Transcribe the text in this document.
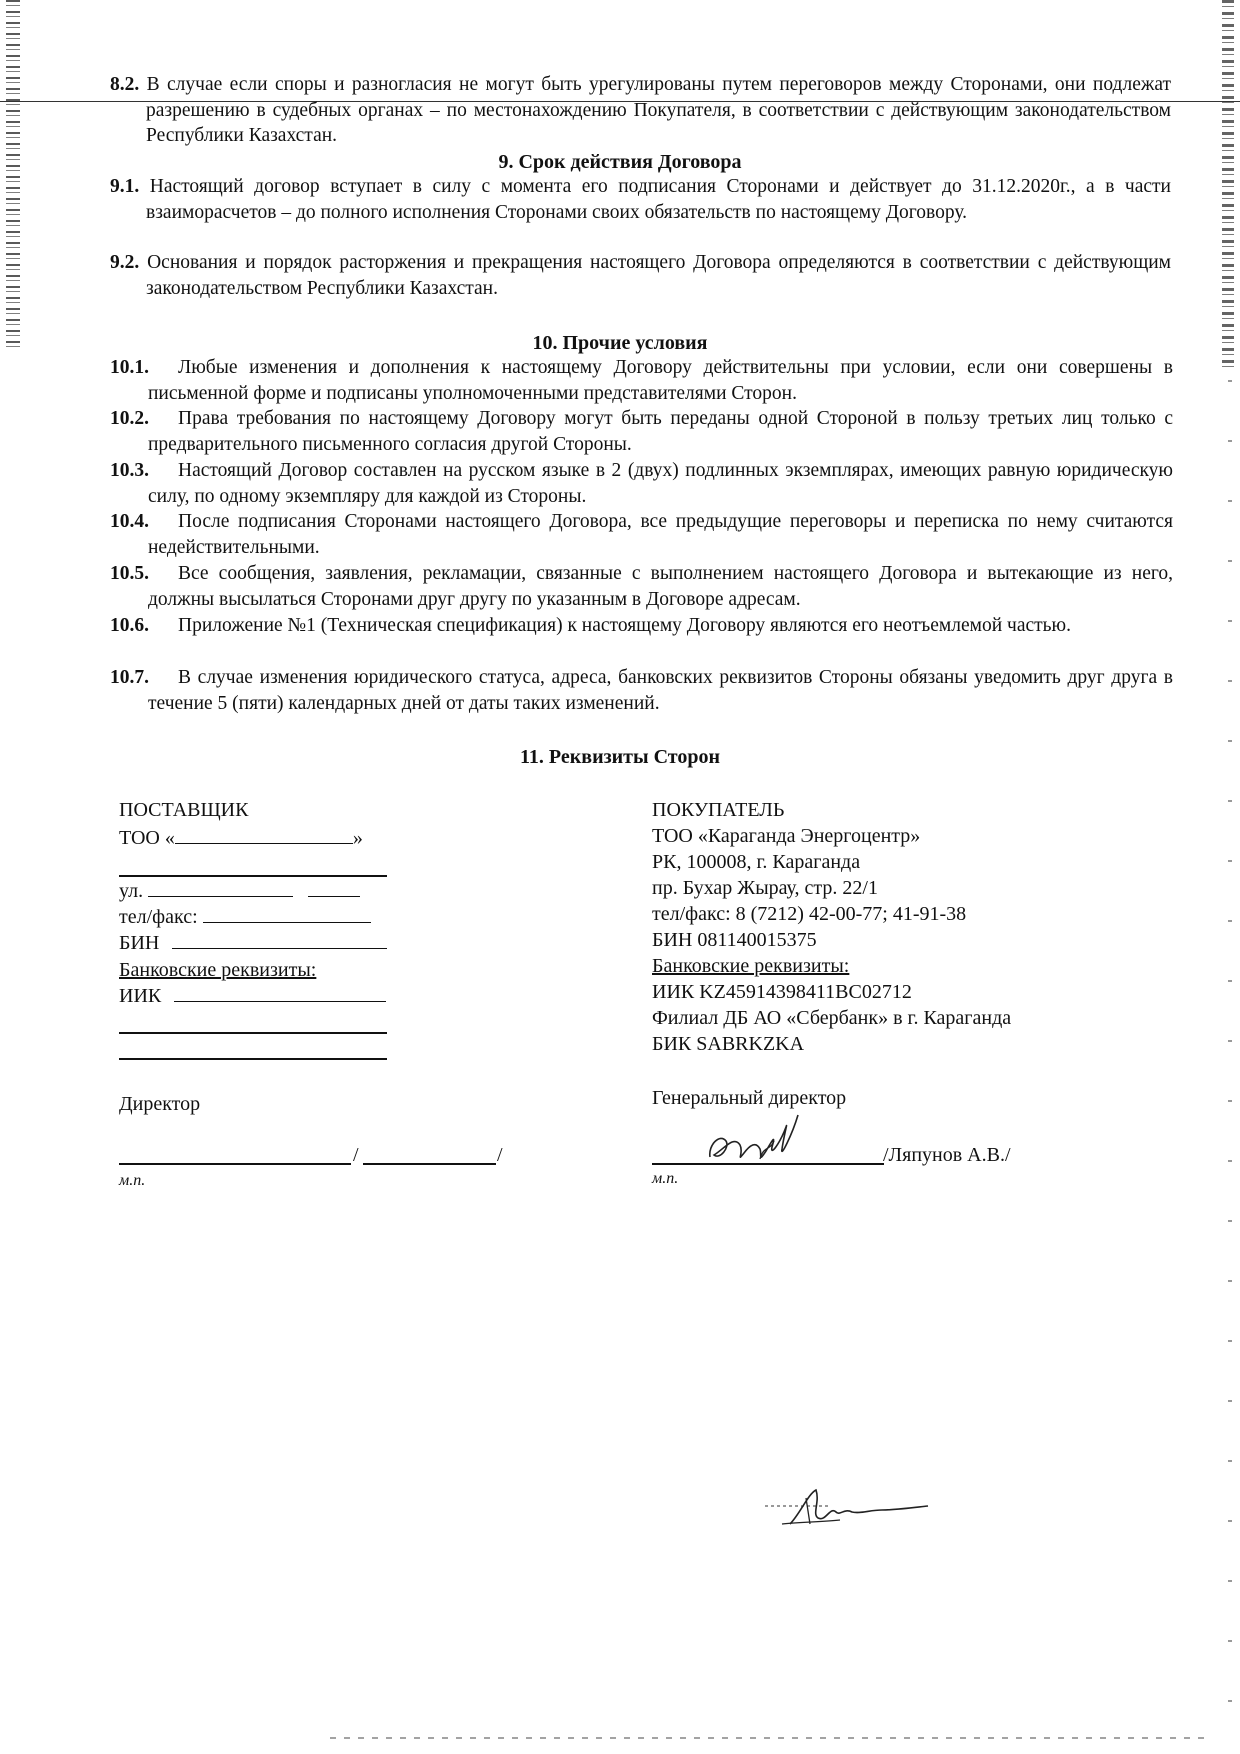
8.2. В случае если споры и разногласия не могут быть урегулированы путем переговоров между Сторонами, они подлежат разрешению в судебных органах – по местонахождению Покупателя, в соответствии с действующим законодательством Республики Казахстан.
9. Срок действия Договора
9.1. Настоящий договор вступает в силу с момента его подписания Сторонами и действует до 31.12.2020г., а в части взаиморасчетов – до полного исполнения Сторонами своих обязательств по настоящему Договору.
9.2. Основания и порядок расторжения и прекращения настоящего Договора определяются в соответствии с действующим законодательством Республики Казахстан.
10. Прочие условия
10.1. Любые изменения и дополнения к настоящему Договору действительны при условии, если они совершены в письменной форме и подписаны уполномоченными представителями Сторон.
10.2. Права требования по настоящему Договору могут быть переданы одной Стороной в пользу третьих лиц только с предварительного письменного согласия другой Стороны.
10.3. Настоящий Договор составлен на русском языке в 2 (двух) подлинных экземплярах, имеющих равную юридическую силу, по одному экземпляру для каждой из Стороны.
10.4. После подписания Сторонами настоящего Договора, все предыдущие переговоры и переписка по нему считаются недействительными.
10.5. Все сообщения, заявления, рекламации, связанные с выполнением настоящего Договора и вытекающие из него, должны высылаться Сторонами друг другу по указанным в Договоре адресам.
10.6. Приложение №1 (Техническая спецификация) к настоящему Договору являются его неотъемлемой частью.
10.7. В случае изменения юридического статуса, адреса, банковских реквизитов Стороны обязаны уведомить друг друга в течение 5 (пяти) календарных дней от даты таких изменений.
11. Реквизиты Сторон
ПОСТАВЩИК
ТОО «	»
ул.
тел/факс:
БИН
Банковские реквизиты:
ИИК
Директор
/	/
м.п.
ПОКУПАТЕЛЬ
ТОО «Караганда Энергоцентр»
РК, 100008, г. Караганда
пр. Бухар Жырау, стр. 22/1
тел/факс: 8 (7212) 42-00-77; 41-91-38
БИН 081140015375
Банковские реквизиты:
ИИК KZ45914398411BC02712
Филиал ДБ АО «Сбербанк» в г. Караганда
БИК SABRKZKA
Генеральный директор
/Ляпунов А.В./
м.п.
